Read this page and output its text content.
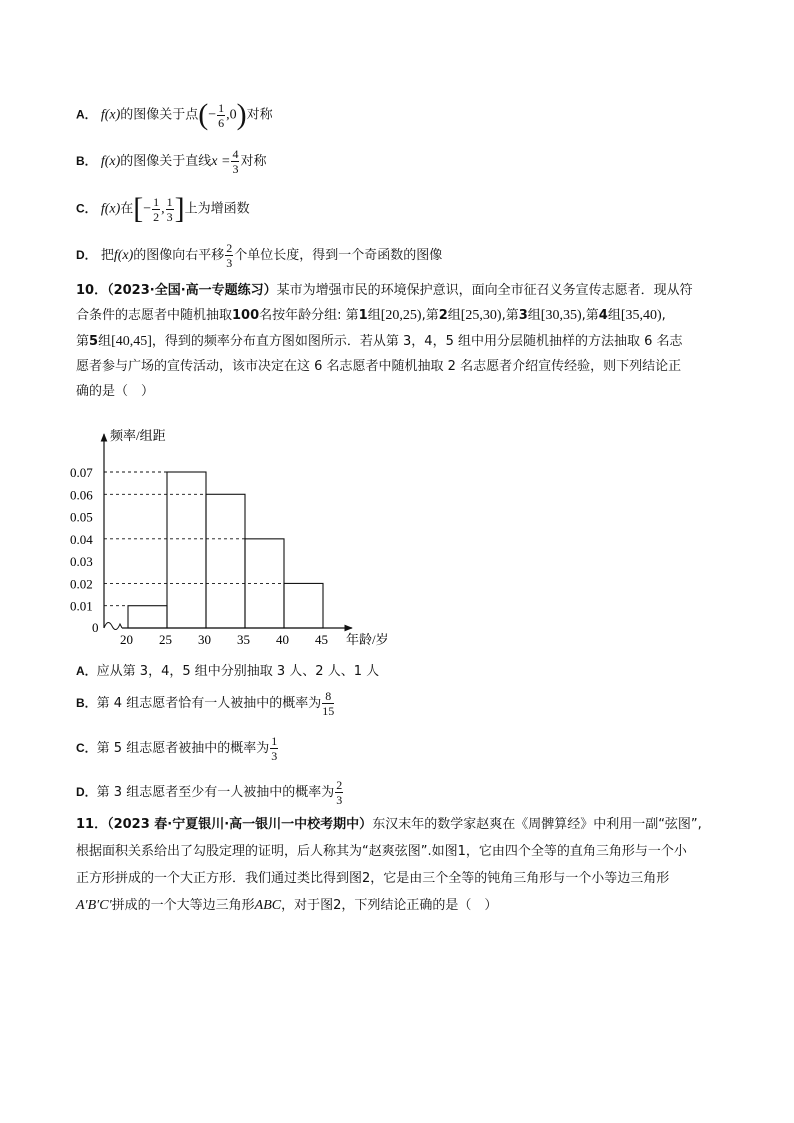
A． f(x)的图像关于点(− $\frac{1}{6} ,0$)对称
B． f(x)的图像关于直线$x = \frac{4}{3}$ 对称
C． f(x)在[− $\frac{1}{2}$ , $\frac{1}{3}$ ]上为增函数
D． 把f(x)的图像向右平移 $\frac{2}{3}$ 个单位长度，得到一个奇函数的图像
10．（2023·全国·高一专题练习）某市为增强市民的环境保护意识，面向全市征召义务宣传志愿者．现从符
合条件的志愿者中随机抽取100名按年龄分组: 第1组[20,25),第2组[25,30),第3组[30,35),第4组[35,40),
第5组[40,45]，得到的频率分布直方图如图所示．若从第 3，4，5 组中用分层随机抽样的方法抽取 6 名志
愿者参与广场的宣传活动，该市决定在这 6 名志愿者中随机抽取 2 名志愿者介绍宣传经验，则下列结论正
确的是（　）
0.07
0.06
0.05
0.04
0.03
0.02
0.01
20 25 30 35 40 45
频率/组距
年龄/岁
0
A．应从第 3，4，5 组中分别抽取 3 人、2 人、1 人
B．第 4 组志愿者恰有一人被抽中的概率为 $\frac{8}{15}$
C．第 5 组志愿者被抽中的概率为 $\frac{1}{3}$
D．第 3 组志愿者至少有一人被抽中的概率为 $\frac{2}{3}$
11．（2023 春·宁夏银川·高一银川一中校考期中）东汉末年的数学家赵爽在《周髀算经》中利用一副“弦图”,
根据面积关系给出了勾股定理的证明，后人称其为“赵爽弦图”.如图1，它由四个全等的直角三角形与一个小
正方形拼成的一个大正方形．我们通过类比得到图2，它是由三个全等的钝角三角形与一个小等边三角形
A′B′C′拼成的一个大等边三角形ABC，对于图2，下列结论正确的是（　）
